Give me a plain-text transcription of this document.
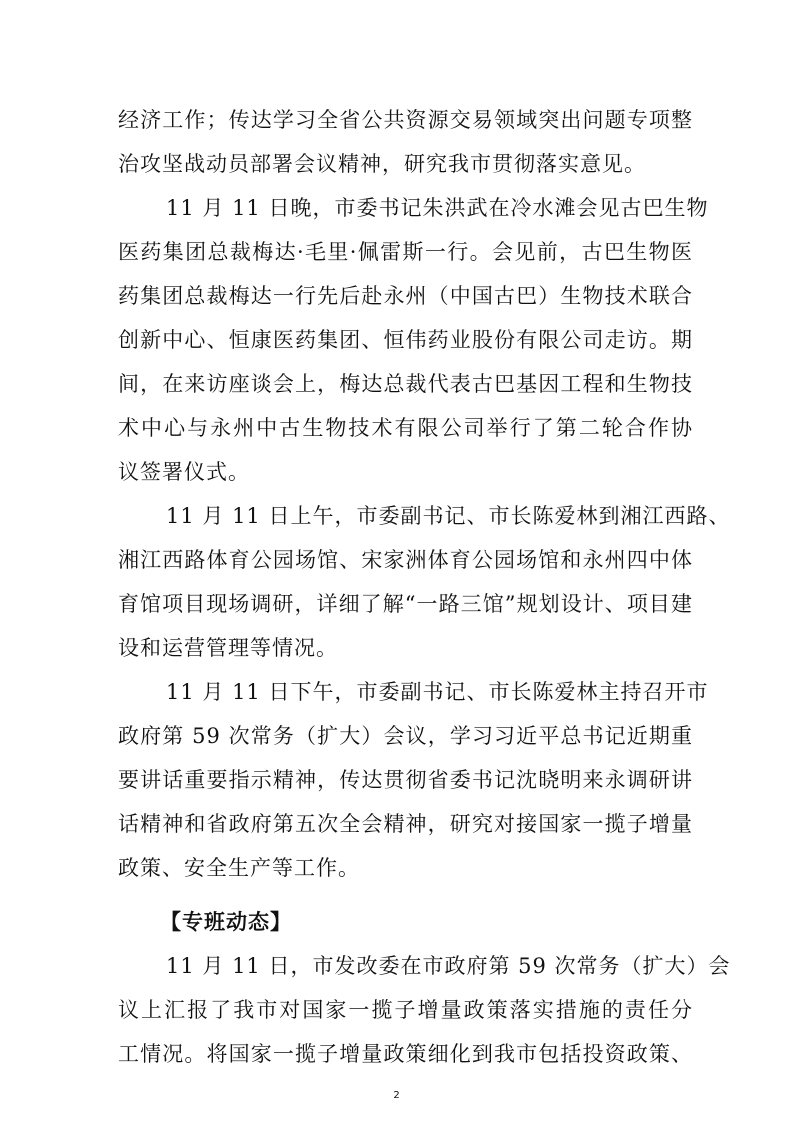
经济工作；传达学习全省公共资源交易领域突出问题专项整
治攻坚战动员部署会议精神，研究我市贯彻落实意见。
11 月 11 日晚，市委书记朱洪武在冷水滩会见古巴生物
医药集团总裁梅达·毛里·佩雷斯一行。会见前，古巴生物医
药集团总裁梅达一行先后赴永州（中国古巴）生物技术联合
创新中心、恒康医药集团、恒伟药业股份有限公司走访。期
间，在来访座谈会上，梅达总裁代表古巴基因工程和生物技
术中心与永州中古生物技术有限公司举行了第二轮合作协
议签署仪式。
11 月 11 日上午，市委副书记、市长陈爱林到湘江西路、
湘江西路体育公园场馆、宋家洲体育公园场馆和永州四中体
育馆项目现场调研，详细了解“一路三馆”规划设计、项目建
设和运营管理等情况。
11 月 11 日下午，市委副书记、市长陈爱林主持召开市
政府第 59 次常务（扩大）会议，学习习近平总书记近期重
要讲话重要指示精神，传达贯彻省委书记沈晓明来永调研讲
话精神和省政府第五次全会精神，研究对接国家一揽子增量
政策、安全生产等工作。
【专班动态】
11 月 11 日，市发改委在市政府第 59 次常务（扩大）会
议上汇报了我市对国家一揽子增量政策落实措施的责任分
工情况。将国家一揽子增量政策细化到我市包括投资政策、
2
